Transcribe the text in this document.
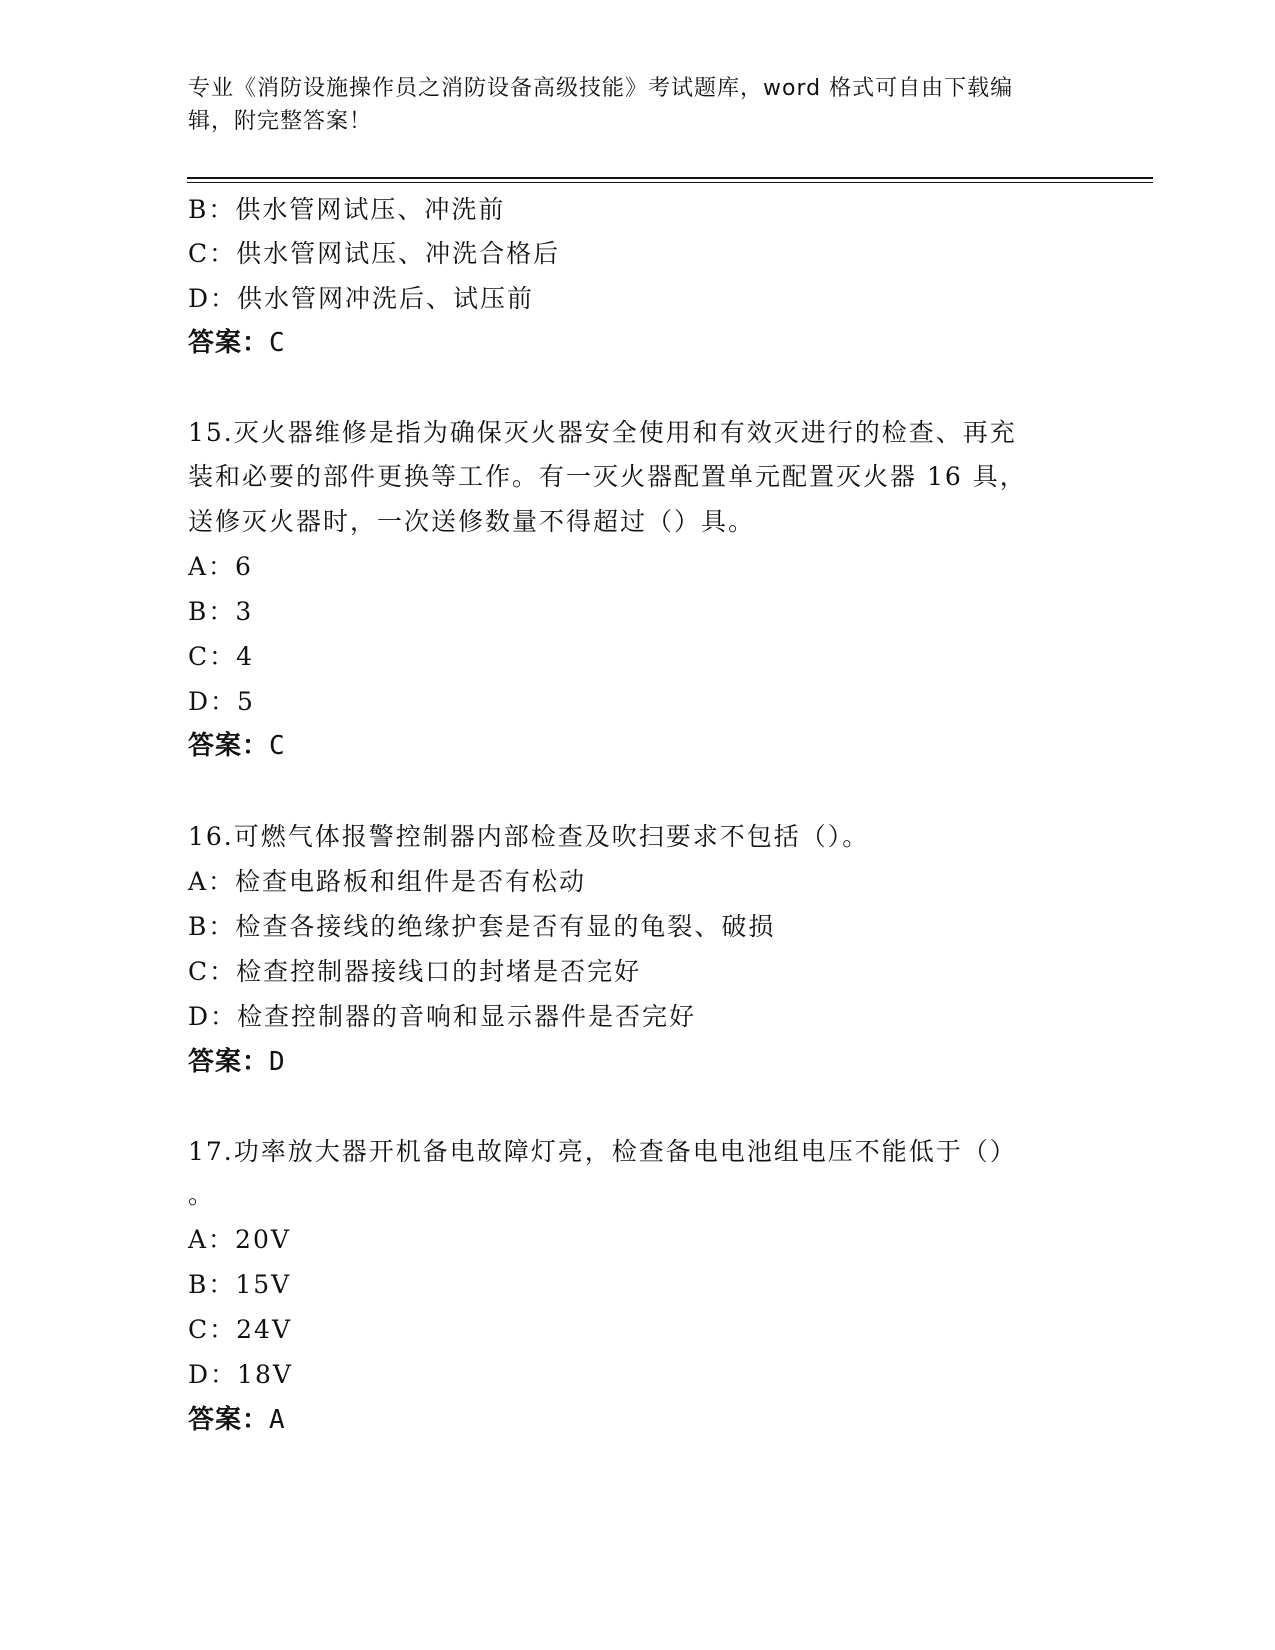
专业《消防设施操作员之消防设备高级技能》考试题库，word 格式可自由下载编
辑，附完整答案！
B：供水管网试压、冲洗前
C：供水管网试压、冲洗合格后
D：供水管网冲洗后、试压前
答案：C
15.灭火器维修是指为确保灭火器安全使用和有效灭进行的检查、再充
装和必要的部件更换等工作。有一灭火器配置单元配置灭火器 16 具，
送修灭火器时，一次送修数量不得超过（）具。
A：6
B：3
C：4
D：5
答案：C
16.可燃气体报警控制器内部检查及吹扫要求不包括（）。
A：检查电路板和组件是否有松动
B：检查各接线的绝缘护套是否有显的龟裂、破损
C：检查控制器接线口的封堵是否完好
D：检查控制器的音响和显示器件是否完好
答案：D
17.功率放大器开机备电故障灯亮，检查备电电池组电压不能低于（）
。
A：20V
B：15V
C：24V
D：18V
答案：A
